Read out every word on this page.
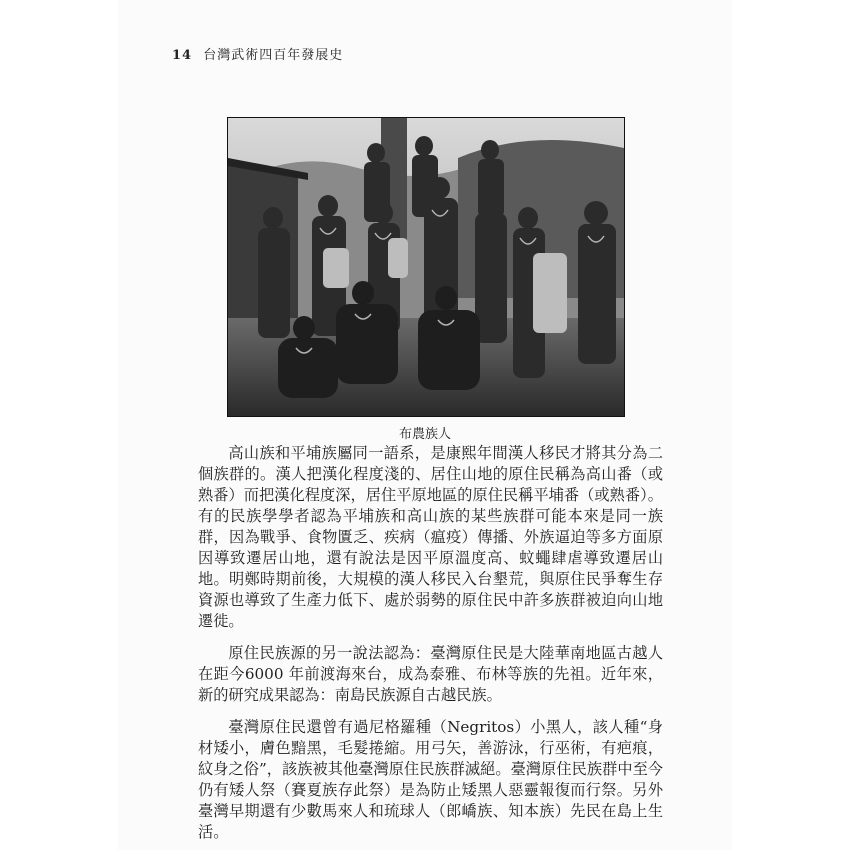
14 台灣武術四百年發展史
布農族人

高山族和平埔族屬同一語系，是康熙年間漢人移民才將其分為二個族群的。漢人把漢化程度淺的、居住山地的原住民稱為高山番（或熟番）而把漢化程度深，居住平原地區的原住民稱平埔番（或熟番）。有的民族學學者認為平埔族和高山族的某些族群可能本來是同一族群，因為戰爭、食物匱乏、疾病（瘟疫）傳播、外族逼迫等多方面原因導致遷居山地，還有說法是因平原溫度高、蚊蠅肆虐導致遷居山地。明鄭時期前後，大規模的漢人移民入台墾荒，與原住民爭奪生存資源也導致了生產力低下、處於弱勢的原住民中許多族群被迫向山地遷徙。

原住民族源的另一說法認為：臺灣原住民是大陸華南地區古越人在距今6000 年前渡海來台，成為泰雅、布林等族的先祖。近年來，新的研究成果認為：南島民族源自古越民族。

臺灣原住民還曾有過尼格羅種（Negritos）小黑人，該人種“身材矮小，膚色黯黑，毛髮捲縮。用弓矢，善游泳，行巫術，有疤痕，紋身之俗”，該族被其他臺灣原住民族群滅絕。臺灣原住民族群中至今仍有矮人祭（賽夏族存此祭）是為防止矮黑人惡靈報復而行祭。另外臺灣早期還有少數馬來人和琉球人（郎嶠族、知本族）先民在島上生活。
